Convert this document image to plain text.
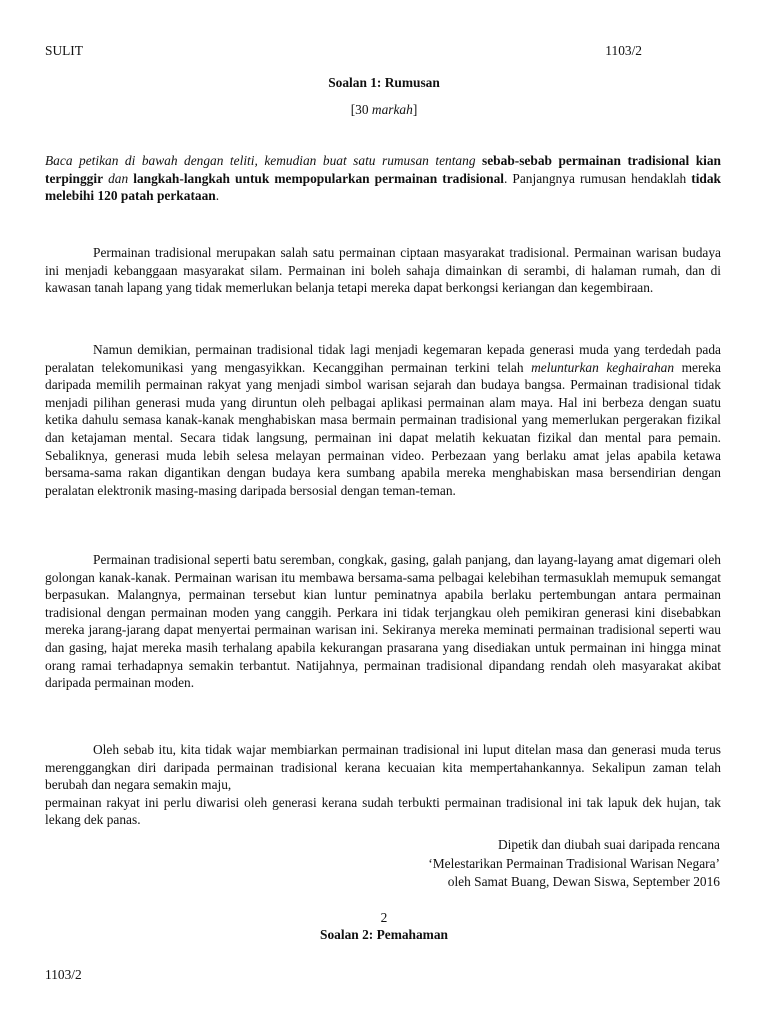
SULIT	1103/2
Soalan 1: Rumusan
[30 markah]
Baca petikan di bawah dengan teliti, kemudian buat satu rumusan tentang sebab-sebab permainan tradisional kian terpinggir dan langkah-langkah untuk mempopularkan permainan tradisional. Panjangnya rumusan hendaklah tidak melebihi 120 patah perkataan.
Permainan tradisional merupakan salah satu permainan ciptaan masyarakat tradisional. Permainan warisan budaya ini menjadi kebanggaan masyarakat silam. Permainan ini boleh sahaja dimainkan di serambi, di halaman rumah, dan di kawasan tanah lapang yang tidak memerlukan belanja tetapi mereka dapat berkongsi keriangan dan kegembiraan.
Namun demikian, permainan tradisional tidak lagi menjadi kegemaran kepada generasi muda yang terdedah pada peralatan telekomunikasi yang mengasyikkan. Kecanggihan permainan terkini telah melunturkan keghairahan mereka daripada memilih permainan rakyat yang menjadi simbol warisan sejarah dan budaya bangsa. Permainan tradisional tidak menjadi pilihan generasi muda yang diruntun oleh pelbagai aplikasi permainan alam maya. Hal ini berbeza dengan suatu ketika dahulu semasa kanak-kanak menghabiskan masa bermain permainan tradisional yang memerlukan pergerakan fizikal dan ketajaman mental. Secara tidak langsung, permainan ini dapat melatih kekuatan fizikal dan mental para pemain. Sebaliknya, generasi muda lebih selesa melayan permainan video. Perbezaan yang berlaku amat jelas apabila ketawa bersama-sama rakan digantikan dengan budaya kera sumbang apabila mereka menghabiskan masa bersendirian dengan peralatan elektronik masing-masing daripada bersosial dengan teman-teman.
Permainan tradisional seperti batu seremban, congkak, gasing, galah panjang, dan layang-layang amat digemari oleh golongan kanak-kanak. Permainan warisan itu membawa bersama-sama pelbagai kelebihan termasuklah memupuk semangat berpasukan. Malangnya, permainan tersebut kian luntur peminatnya apabila berlaku pertembungan antara permainan tradisional dengan permainan moden yang canggih. Perkara ini tidak terjangkau oleh pemikiran generasi kini disebabkan mereka jarang-jarang dapat menyertai permainan warisan ini. Sekiranya mereka meminati permainan tradisional seperti wau dan gasing, hajat mereka masih terhalang apabila kekurangan prasarana yang disediakan untuk permainan ini hingga minat orang ramai terhadapnya semakin terbantut. Natijahnya, permainan tradisional dipandang rendah oleh masyarakat akibat daripada permainan moden.
Oleh sebab itu, kita tidak wajar membiarkan permainan tradisional ini luput ditelan masa dan generasi muda terus merenggangkan diri daripada permainan tradisional kerana kecuaian kita mempertahankannya. Sekalipun zaman telah berubah dan negara semakin maju,
permainan rakyat ini perlu diwarisi oleh generasi kerana sudah terbukti permainan tradisional ini tak lapuk dek hujan, tak lekang dek panas.
Dipetik dan diubah suai daripada rencana
‘Melestarikan Permainan Tradisional Warisan Negara’
oleh Samat Buang, Dewan Siswa, September 2016
2
Soalan 2: Pemahaman
1103/2
